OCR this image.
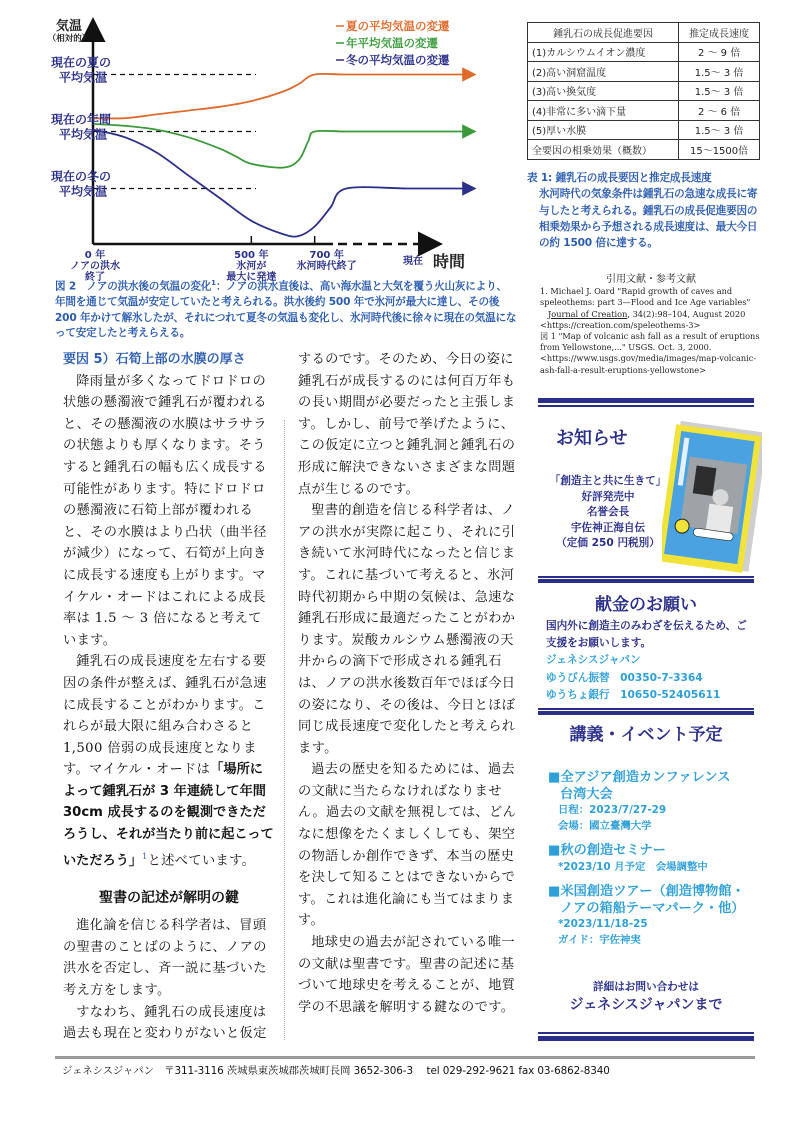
気温
（相対的）
現在の夏の
平均気温
現在の年間
平均気温
現在の冬の
平均気温
0 年
ノアの洪水
終了
500 年
氷河が
最大に発達
700 年
氷河時代終了	現在 時間
夏の平均気温の変遷
年平均気温の変遷
冬の平均気温の変遷
図 2　ノアの洪水後の気温の変化$^1$：ノアの洪水直後は、高い海水温と大気を覆う火山灰により、年間を通じて気温が安定していたと考えられる。洪水後約 500 年で氷河が最大に達し、その後 200 年かけて解氷したが、それにつれて夏冬の気温も変化し、氷河時代後に徐々に現在の気温になって安定したと考えらえる。
鍾乳石の成長促進要因	推定成長速度
(1)カルシウムイオン濃度	2 ～ 9 倍
(2)高い洞窟温度	1.5～ 3 倍
(3)高い換気度	1.5～ 3 倍
(4)非常に多い滴下量	2 ～ 6 倍
(5)厚い水膜	1.5～ 3 倍
全要因の相乗効果（概数）	15～1500倍
表 1: 鍾乳石の成長要因と推定成長速度
氷河時代の気象条件は鍾乳石の急速な成長に寄与したと考えられる。鍾乳石の成長促進要因の相乗効果から予想される成長速度は、最大今日の約 1500 倍に達する。
引用文献・参考文献
1. Michael J. Oard "Rapid growth of caves and speleothems: part 3—Flood and Ice Age variables"
Journal of Creation, 34(2):98–104, August 2020
<https://creation.com/speleothems-3>
図 1 "Map of volcanic ash fall as a result of eruptions from Yellowstone,..." USGS. Oct. 3, 2000.
<https://www.usgs.gov/media/images/map-volcanic-ash-fall-a-result-eruptions-yellowstone>
要因 5）石筍上部の水膜の厚さ

降雨量が多くなってドロドロの状態の懸濁液で鍾乳石が覆われると、その懸濁液の水膜はサラサラの状態よりも厚くなります。そうすると鍾乳石の幅も広く成長する可能性があります。特にドロドロの懸濁液に石筍上部が覆われると、その水膜はより凸状（曲半径が減少）になって、石筍が上向きに成長する速度も上がります。マイケル・オードはこれによる成長率は 1.5 ～ 3 倍になると考えています。

鍾乳石の成長速度を左右する要因の条件が整えば、鍾乳石が急速に成長することがわかります。これらが最大限に組み合わさると 1,500 倍弱の成長速度となります。マイケル・オードは「場所によって鍾乳石が 3 年連続して年間 30cm 成長するのを観測できただろうし、それが当たり前に起こっていただろう」$^1$と述べています。

聖書の記述が解明の鍵

進化論を信じる科学者は、冒頭の聖書のことばのように、ノアの洪水を否定し、斉一説に基づいた考え方をします。

すなわち、鍾乳石の成長速度は過去も現在と変わりがないと仮定

するのです。そのため、今日の姿に鍾乳石が成長するのには何百万年もの長い期間が必要だったと主張します。しかし、前号で挙げたように、この仮定に立つと鍾乳洞と鍾乳石の形成に解決できないさまざまな問題点が生じるのです。

聖書的創造を信じる科学者は、ノアの洪水が実際に起こり、それに引き続いて氷河時代になったと信じます。これに基づいて考えると、氷河時代初期から中期の気候は、急速な鍾乳石形成に最適だったことがわかります。炭酸カルシウム懸濁液の天井からの滴下で形成される鍾乳石は、ノアの洪水後数百年でほぼ今日の姿になり、その後は、今日とほぼ同じ成長速度で変化したと考えられます。

過去の歴史を知るためには、過去の文献に当たらなければなりません。過去の文献を無視しては、どんなに想像をたくましくしても、架空の物語しか創作できず、本当の歴史を決して知ることはできないからです。これは進化論にも当てはまります。

地球史の過去が記されている唯一の文献は聖書です。聖書の記述に基づいて地球史を考えることが、地質学の不思議を解明する鍵なのです。

お知らせ
「創造主と共に生きて」
好評発売中
名誉会長
宇佐神正海自伝
（定価 250 円税別）
献金のお願い
国内外に創造主のみわざを伝えるため、ご支援をお願いします。
ジェネシスジャパン
ゆうびん振替　00350-7-3364
ゆうちょ銀行　10650-52405611
講義・イベント予定
■全アジア創造カンファレンス
台湾大会
日程：2023/7/27-29
会場：國立臺灣大学
■秋の創造セミナー
*2023/10 月予定　会場調整中
■米国創造ツアー（創造博物館・
ノアの箱船テーマパーク・他）
*2023/11/18-25
ガイド：宇佐神実
詳細はお問い合わせは
ジェネシスジャパンまで
ジェネシスジャパン　〒311-3116 茨城県東茨城郡茨城町長岡 3652-306-3　 tel 029-292-9621 fax 03-6862-8340
